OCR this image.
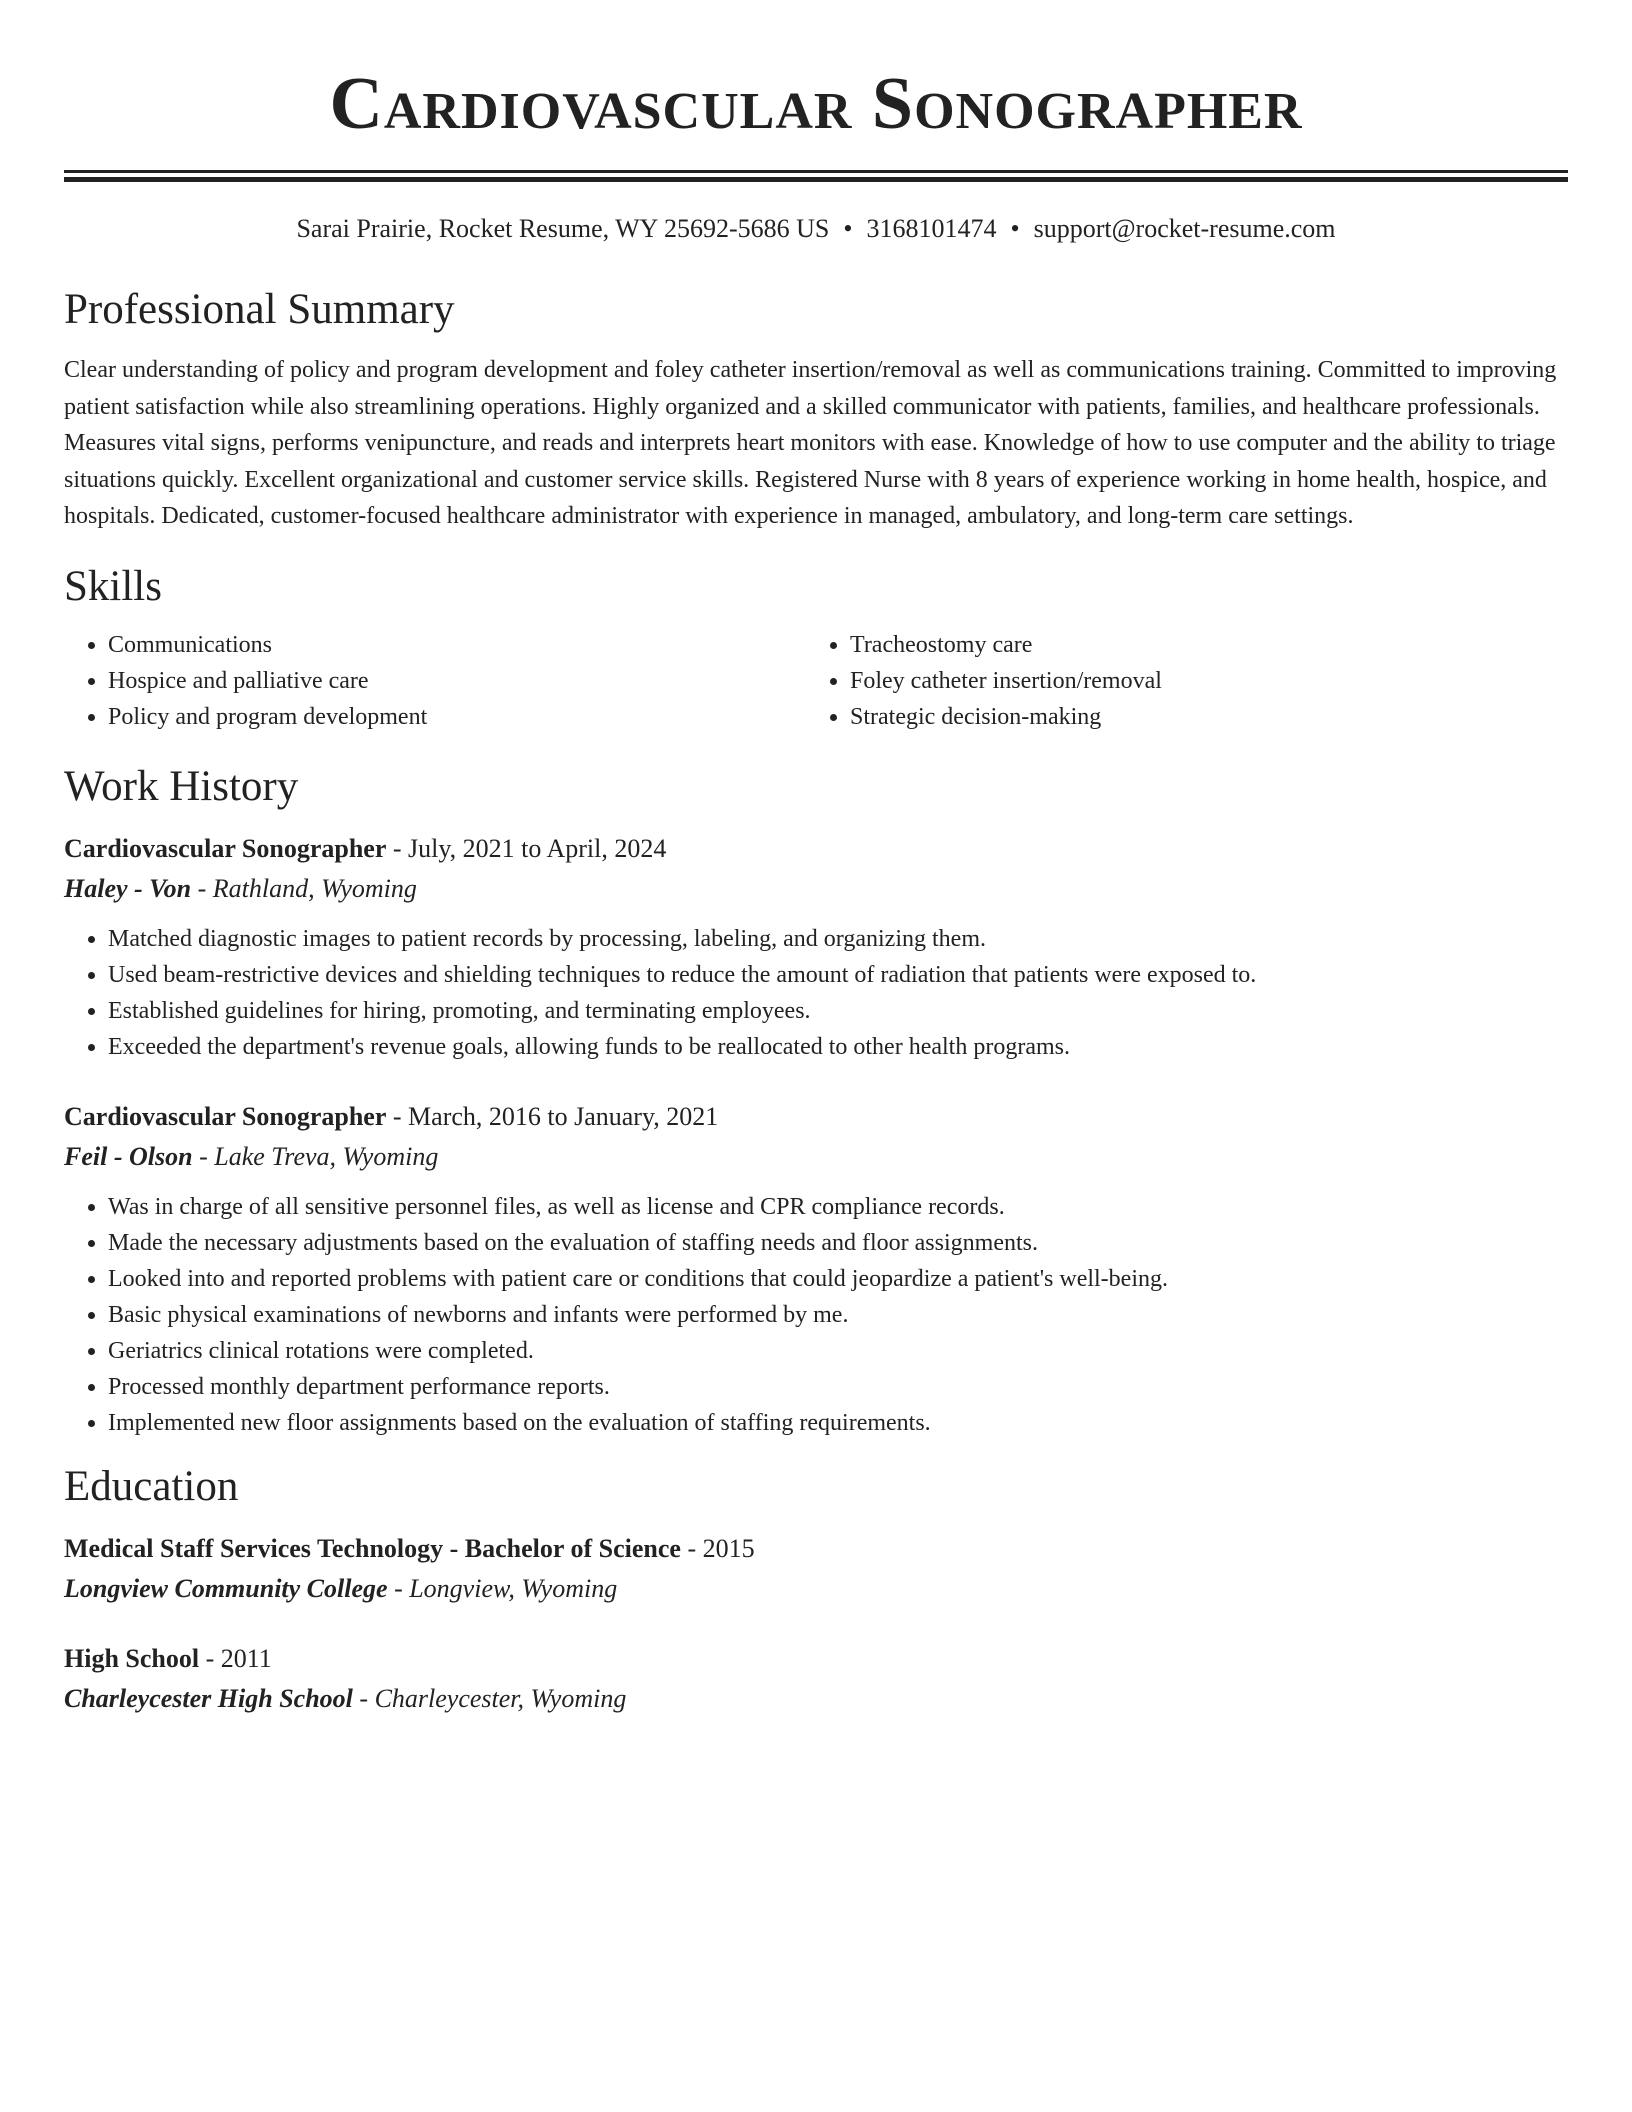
Cardiovascular Sonographer
Sarai Prairie, Rocket Resume, WY 25692-5686 US • 3168101474 • support@rocket-resume.com
Professional Summary
Clear understanding of policy and program development and foley catheter insertion/removal as well as communications training. Committed to improving patient satisfaction while also streamlining operations. Highly organized and a skilled communicator with patients, families, and healthcare professionals. Measures vital signs, performs venipuncture, and reads and interprets heart monitors with ease. Knowledge of how to use computer and the ability to triage situations quickly. Excellent organizational and customer service skills. Registered Nurse with 8 years of experience working in home health, hospice, and hospitals. Dedicated, customer-focused healthcare administrator with experience in managed, ambulatory, and long-term care settings.
Skills
• Communications
• Hospice and palliative care
• Policy and program development
• Tracheostomy care
• Foley catheter insertion/removal
• Strategic decision-making
Work History
Cardiovascular Sonographer - July, 2021 to April, 2024
Haley - Von - Rathland, Wyoming
• Matched diagnostic images to patient records by processing, labeling, and organizing them.
• Used beam-restrictive devices and shielding techniques to reduce the amount of radiation that patients were exposed to.
• Established guidelines for hiring, promoting, and terminating employees.
• Exceeded the department's revenue goals, allowing funds to be reallocated to other health programs.
Cardiovascular Sonographer - March, 2016 to January, 2021
Feil - Olson - Lake Treva, Wyoming
• Was in charge of all sensitive personnel files, as well as license and CPR compliance records.
• Made the necessary adjustments based on the evaluation of staffing needs and floor assignments.
• Looked into and reported problems with patient care or conditions that could jeopardize a patient's well-being.
• Basic physical examinations of newborns and infants were performed by me.
• Geriatrics clinical rotations were completed.
• Processed monthly department performance reports.
• Implemented new floor assignments based on the evaluation of staffing requirements.
Education
Medical Staff Services Technology - Bachelor of Science - 2015
Longview Community College - Longview, Wyoming
High School - 2011
Charleycester High School - Charleycester, Wyoming
